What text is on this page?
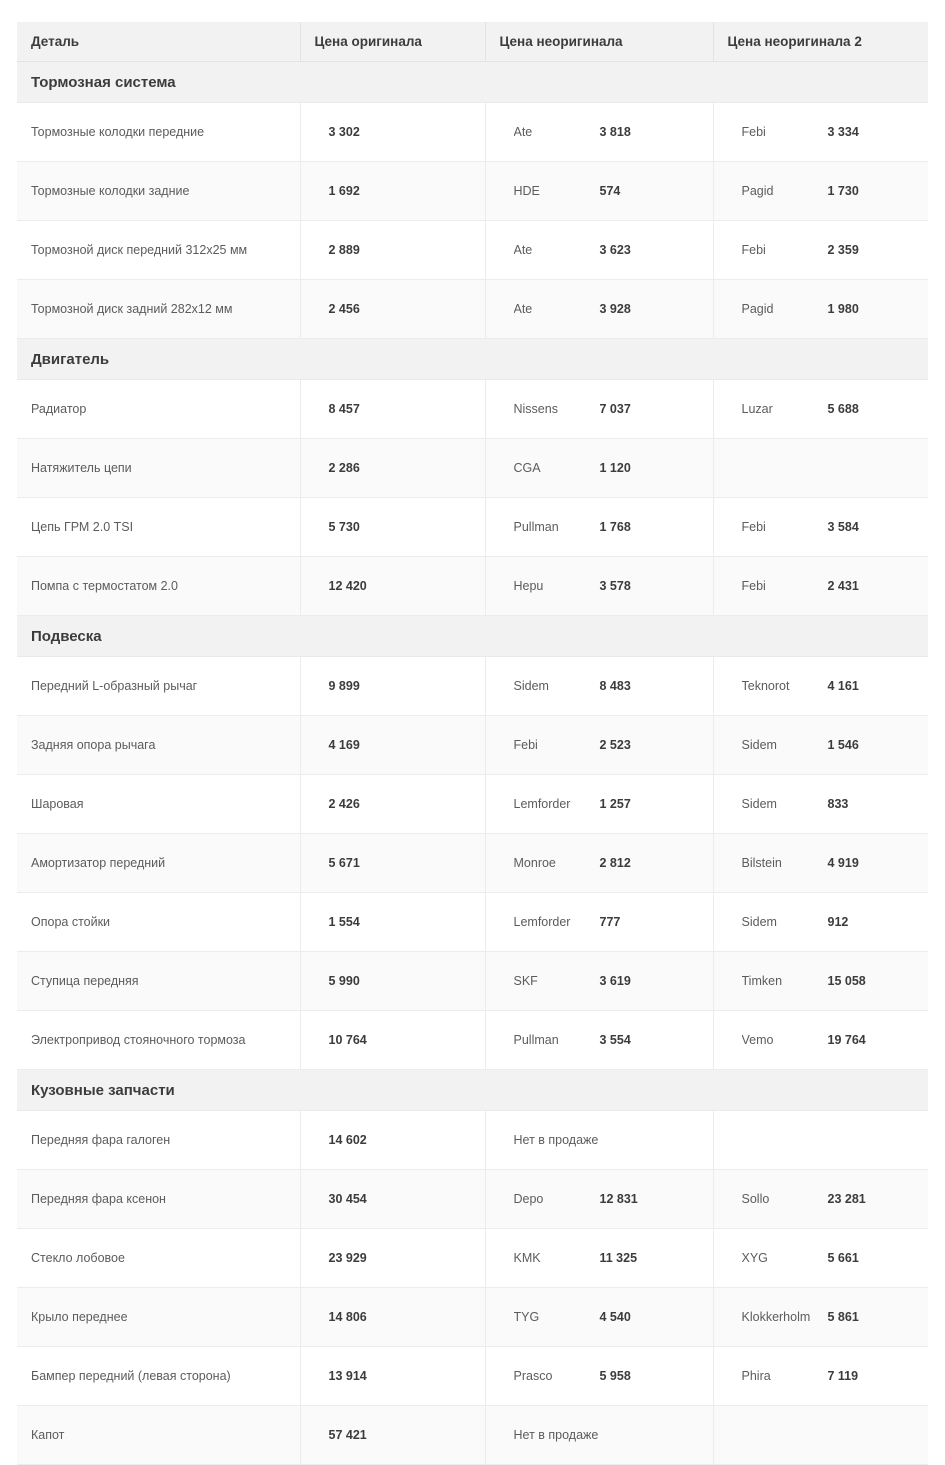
Деталь	Цена оригинала	Цена неоригинала	Цена неоригинала 2
Тормозная система			
Тормозные колодки передние	3 302	Ate 3 818	Febi 3 334

Тормозные колодки задние	1 692	HDE 574	Pagid 1 730

Тормозной диск передний 312х25 мм	2 889	Ate 3 623	Febi 2 359

Тормозной диск задний 282х12 мм	2 456	Ate 3 928	Pagid 1 980

Двигатель			
Радиатор	8 457	Nissens 7 037	Luzar 5 688

Натяжитель цепи	2 286	CGA 1 120	

Цепь ГРМ 2.0 TSI	5 730	Pullman 1 768	Febi 3 584

Помпа с термостатом 2.0	12 420	Hepu 3 578	Febi 2 431

Подвеска			
Передний L-образный рычаг	9 899	Sidem 8 483	Teknorot 4 161

Задняя опора рычага	4 169	Febi 2 523	Sidem 1 546

Шаровая	2 426	Lemforder 1 257	Sidem 833

Амортизатор передний	5 671	Monroe 2 812	Bilstein 4 919

Опора стойки	1 554	Lemforder 777	Sidem 912

Ступица передняя	5 990	SKF 3 619	Timken 15 058

Электропривод стояночного тормоза	10 764	Pullman 3 554	Vemo 19 764

Кузовные запчасти			
Передняя фара галоген	14 602	Нет в продаже	

Передняя фара ксенон	30 454	Depo 12 831	Sollo 23 281

Стекло лобовое	23 929	KMK 11 325	XYG 5 661

Крыло переднее	14 806	TYG 4 540	Klokkerholm 5 861

Бампер передний (левая сторона)	13 914	Prasco 5 958	Phira 7 119

Капот	57 421	Нет в продаже	
